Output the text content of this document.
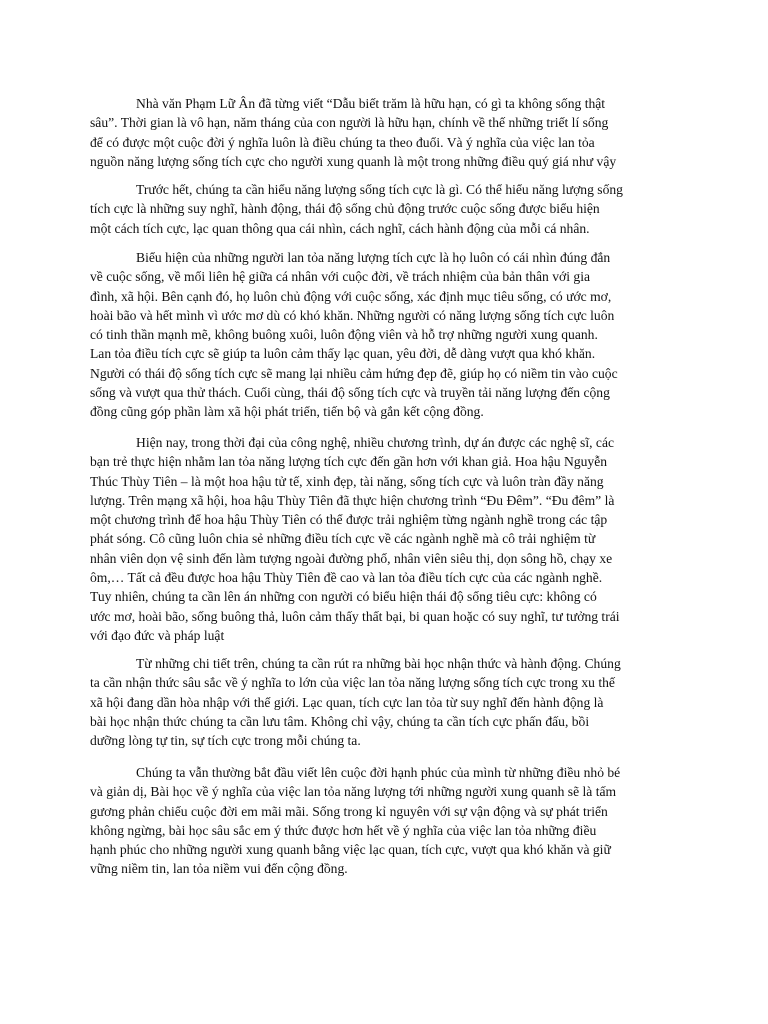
Nhà văn Phạm Lữ Ân đã từng viết “Dẫu biết trăm là hữu hạn, có gì ta không sống thật
sâu”. Thời gian là vô hạn, năm tháng của con người là hữu hạn, chính về thế những triết lí sống
để có được một cuộc đời ý nghĩa luôn là điều chúng ta theo đuổi. Và ý nghĩa của việc lan tỏa
nguồn năng lượng sống tích cực cho người xung quanh là một trong những điều quý giá như vậy

Trước hết, chúng ta cần hiểu năng lượng sống tích cực là gì. Có thể hiểu năng lượng sống
tích cực là những suy nghĩ, hành động, thái độ sống chủ động trước cuộc sống được biểu hiện
một cách tích cực, lạc quan thông qua cái nhìn, cách nghĩ, cách hành động của mỗi cá nhân.

Biểu hiện của những người lan tỏa năng lượng tích cực là họ luôn có cái nhìn đúng đắn
về cuộc sống, về mối liên hệ giữa cá nhân với cuộc đời, về trách nhiệm của bản thân với gia
đình, xã hội. Bên cạnh đó, họ luôn chủ động với cuộc sống, xác định mục tiêu sống, có ước mơ,
hoài bão và hết mình vì ước mơ dù có khó khăn. Những người có năng lượng sống tích cực luôn
có tinh thần mạnh mẽ, không buông xuôi, luôn động viên và hỗ trợ những người xung quanh.
Lan tỏa điều tích cực sẽ giúp ta luôn cảm thấy lạc quan, yêu đời, dễ dàng vượt qua khó khăn.
Người có thái độ sống tích cực sẽ mang lại nhiều cảm hứng đẹp đẽ, giúp họ có niềm tin vào cuộc
sống và vượt qua thử thách. Cuối cùng, thái độ sống tích cực và truyền tải năng lượng đến cộng
đồng cũng góp phần làm xã hội phát triển, tiến bộ và gắn kết cộng đồng.

Hiện nay, trong thời đại của công nghệ, nhiều chương trình, dự án được các nghệ sĩ, các
bạn trẻ thực hiện nhằm lan tỏa năng lượng tích cực đến gần hơn với khan giả. Hoa hậu Nguyễn
Thúc Thùy Tiên – là một hoa hậu tử tế, xinh đẹp, tài năng, sống tích cực và luôn tràn đầy năng
lượng. Trên mạng xã hội, hoa hậu Thùy Tiên đã thực hiện chương trình “Đu Đêm”. “Đu đêm” là
một chương trình để hoa hậu Thùy Tiên có thể được trải nghiệm từng ngành nghề trong các tập
phát sóng. Cô cũng luôn chia sẻ những điều tích cực về các ngành nghề mà cô trải nghiệm từ
nhân viên dọn vệ sinh đến làm tượng ngoài đường phố, nhân viên siêu thị, dọn sông hồ, chạy xe
ôm,… Tất cả đều được hoa hậu Thùy Tiên đề cao và lan tỏa điều tích cực của các ngành nghề.
Tuy nhiên, chúng ta cần lên án những con người có biểu hiện thái độ sống tiêu cực: không có
ước mơ, hoài bão, sống buông thả, luôn cảm thấy thất bại, bi quan hoặc có suy nghĩ, tư tưởng trái
với đạo đức và pháp luật

Từ những chi tiết trên, chúng ta cần rút ra những bài học nhận thức và hành động. Chúng
ta cần nhận thức sâu sắc về ý nghĩa to lớn của việc lan tỏa năng lượng sống tích cực trong xu thế
xã hội đang dần hòa nhập với thế giới. Lạc quan, tích cực lan tỏa từ suy nghĩ đến hành động là
bài học nhận thức chúng ta cần lưu tâm. Không chỉ vậy, chúng ta cần tích cực phấn đấu, bồi
dưỡng lòng tự tin, sự tích cực trong mỗi chúng ta.

Chúng ta vẫn thường bắt đầu viết lên cuộc đời hạnh phúc của mình từ những điều nhỏ bé
và giản dị, Bài học về ý nghĩa của việc lan tỏa năng lượng tới những người xung quanh sẽ là tấm
gương phản chiếu cuộc đời em mãi mãi. Sống trong kỉ nguyên với sự vận động và sự phát triển
không ngừng, bài học sâu sắc em ý thức được hơn hết về ý nghĩa của việc lan tỏa những điều
hạnh phúc cho những người xung quanh bằng việc lạc quan, tích cực, vượt qua khó khăn và giữ
vững niềm tin, lan tỏa niềm vui đến cộng đồng.
